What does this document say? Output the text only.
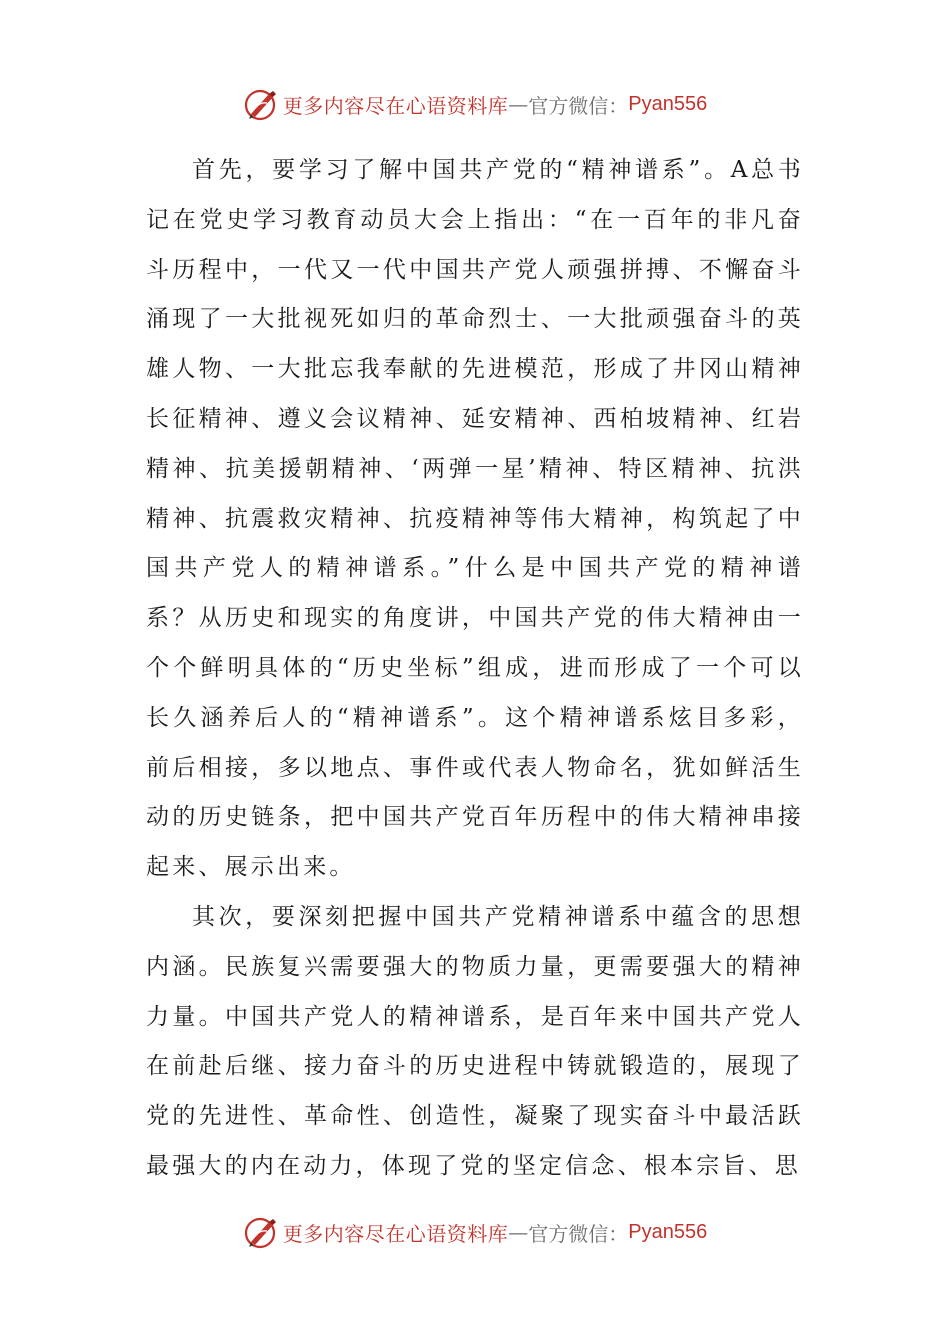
更多内容尽在心语资料库 — 官方微信： Pyan556

首先，要学习了解中国共产党的“精神谱系”。A总书记在党史学习教育动员大会上指出：“在一百年的非凡奋斗历程中，一代又一代中国共产党人顽强拼搏、不懈奋斗涌现了一大批视死如归的革命烈士、一大批顽强奋斗的英雄人物、一大批忘我奉献的先进模范，形成了井冈山精神长征精神、遵义会议精神、延安精神、西柏坡精神、红岩精神、抗美援朝精神、‘两弹一星’精神、特区精神、抗洪精神、抗震救灾精神、抗疫精神等伟大精神，构筑起了中国共产党人的精神谱系。”什么是中国共产党的精神谱系？从历史和现实的角度讲，中国共产党的伟大精神由一个个鲜明具体的“历史坐标”组成，进而形成了一个可以长久涵养后人的“精神谱系”。这个精神谱系炫目多彩，前后相接，多以地点、事件或代表人物命名，犹如鲜活生动的历史链条，把中国共产党百年历程中的伟大精神串接起来、展示出来。

其次，要深刻把握中国共产党精神谱系中蕴含的思想内涵。民族复兴需要强大的物质力量，更需要强大的精神力量。中国共产党人的精神谱系，是百年来中国共产党人在前赴后继、接力奋斗的历史进程中铸就锻造的，展现了党的先进性、革命性、创造性，凝聚了现实奋斗中最活跃最强大的内在动力，体现了党的坚定信念、根本宗旨、思

更多内容尽在心语资料库 — 官方微信： Pyan556
